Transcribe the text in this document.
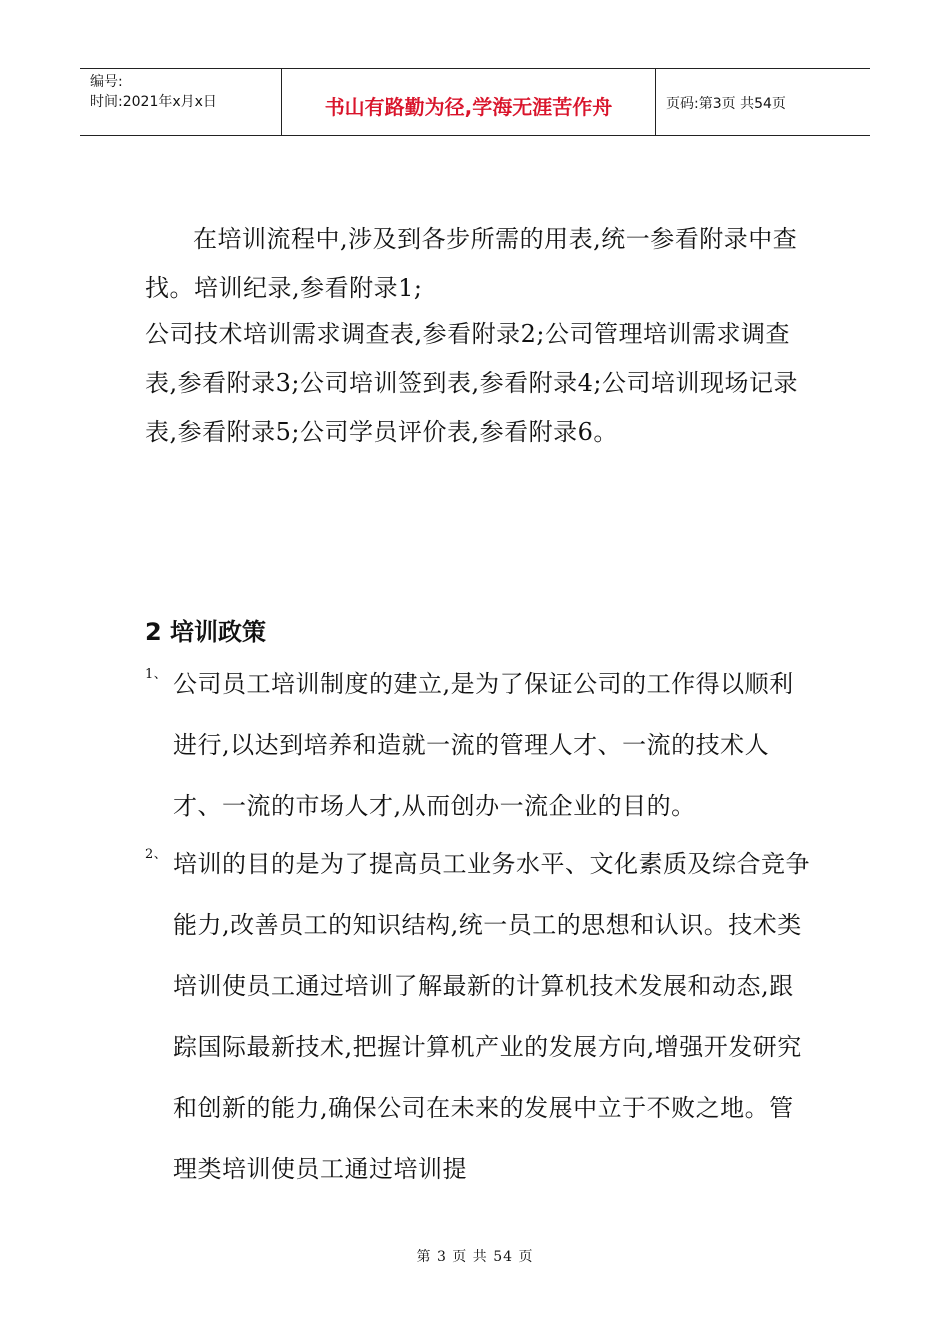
编号:
时间:2021年x月x日	书山有路勤为径,学海无涯苦作舟	页码:第3页 共54页

在培训流程中,涉及到各步所需的用表,统一参看附录中查找。培训纪录,参看附录1;

公司技术培训需求调查表,参看附录2;公司管理培训需求调查表,参看附录3;公司培训签到表,参看附录4;公司培训现场记录表,参看附录5;公司学员评价表,参看附录6。

2 培训政策
1、 公司员工培训制度的建立,是为了保证公司的工作得以顺利进行,以达到培养和造就一流的管理人才、一流的技术人才、一流的市场人才,从而创办一流企业的目的。
2、 培训的目的是为了提高员工业务水平、文化素质及综合竞争能力,改善员工的知识结构,统一员工的思想和认识。技术类培训使员工通过培训了解最新的计算机技术发展和动态,跟踪国际最新技术,把握计算机产业的发展方向,增强开发研究和创新的能力,确保公司在未来的发展中立于不败之地。管理类培训使员工通过培训提
第 3 页 共 54 页
